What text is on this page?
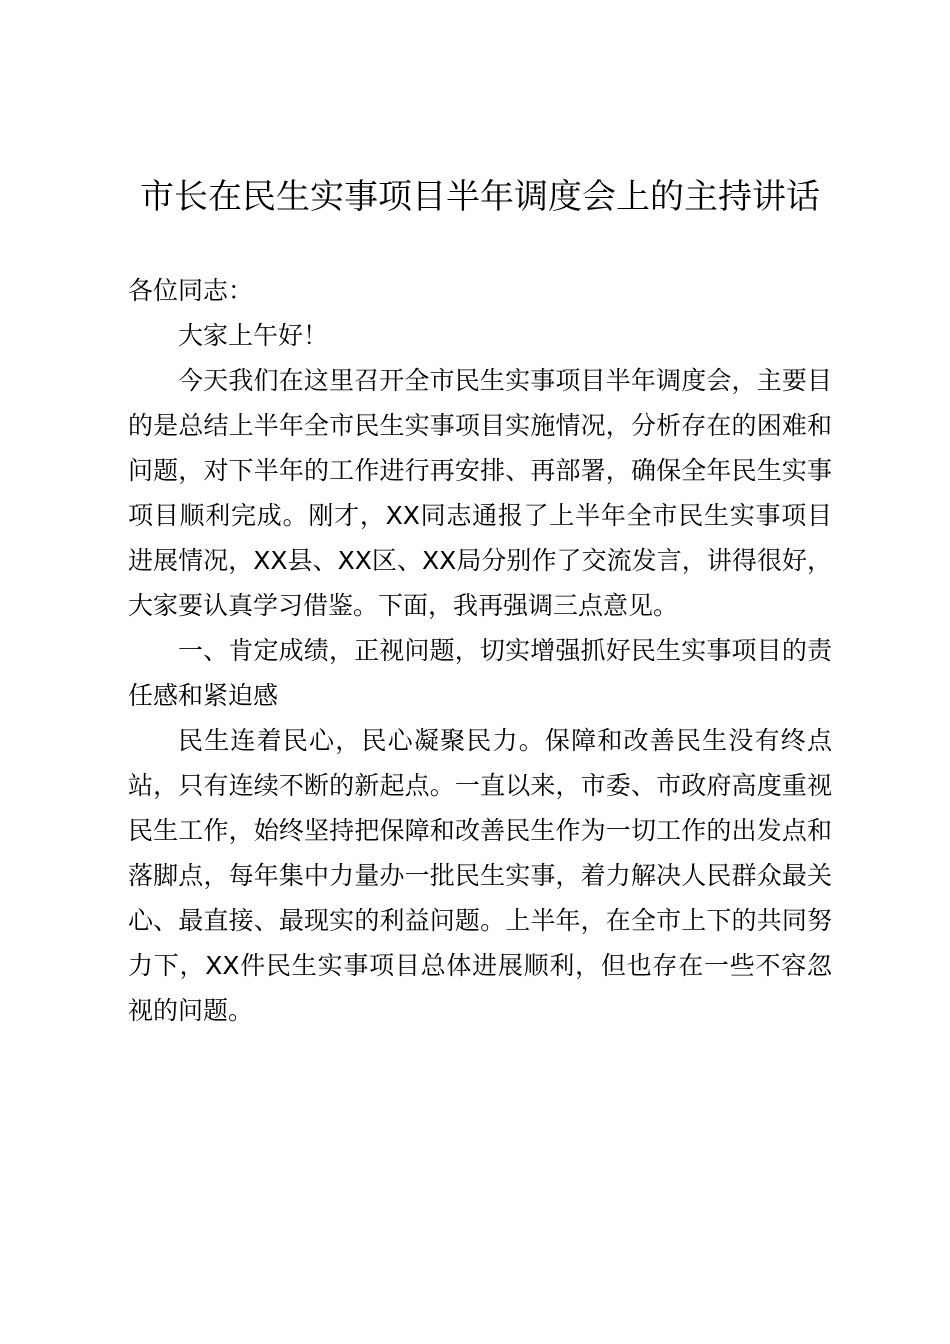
市长在民生实事项目半年调度会上的主持讲话

各位同志：

大家上午好！

今天我们在这里召开全市民生实事项目半年调度会，主要目的是总结上半年全市民生实事项目实施情况，分析存在的困难和问题，对下半年的工作进行再安排、再部署，确保全年民生实事项目顺利完成。刚才，XX同志通报了上半年全市民生实事项目进展情况，XX县、XX区、XX局分别作了交流发言，讲得很好，大家要认真学习借鉴。下面，我再强调三点意见。

一、肯定成绩，正视问题，切实增强抓好民生实事项目的责任感和紧迫感

民生连着民心，民心凝聚民力。保障和改善民生没有终点站，只有连续不断的新起点。一直以来，市委、市政府高度重视民生工作，始终坚持把保障和改善民生作为一切工作的出发点和落脚点，每年集中力量办一批民生实事，着力解决人民群众最关心、最直接、最现实的利益问题。上半年，在全市上下的共同努力下，XX件民生实事项目总体进展顺利，但也存在一些不容忽视的问题。
